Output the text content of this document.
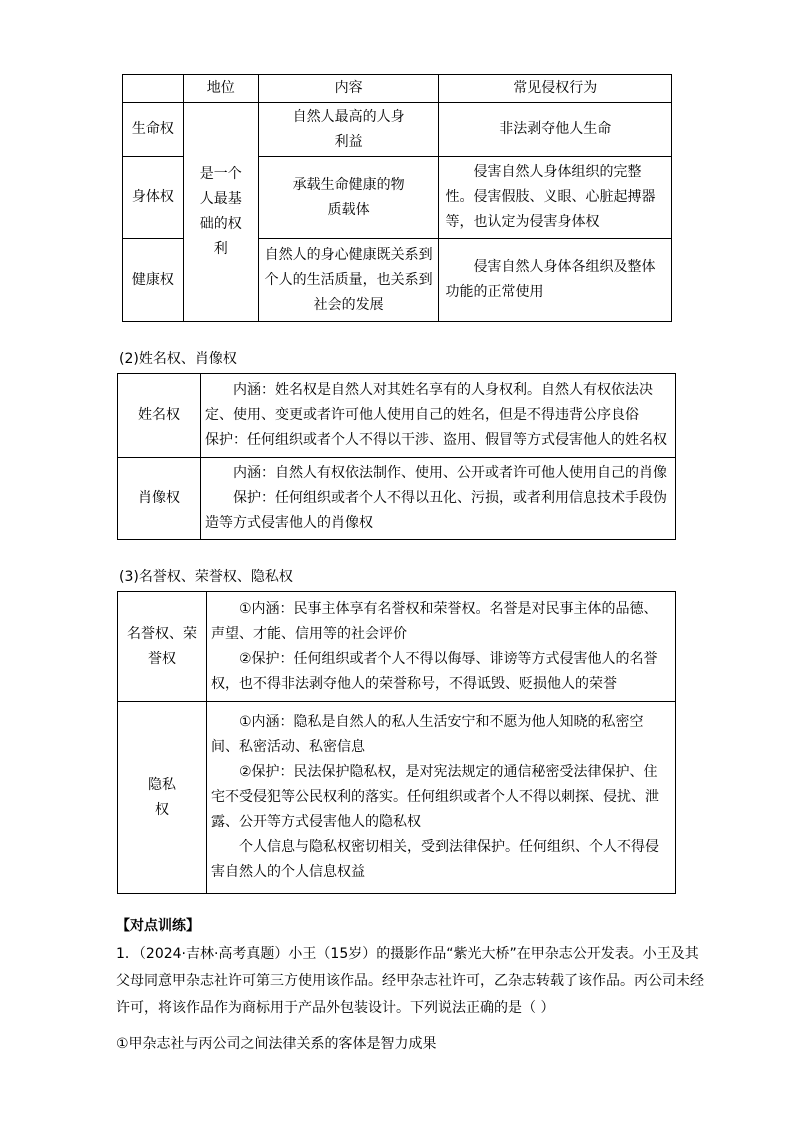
	地位	内容	常见侵权行为
生命权	是一个人最基础的权利	自然人最高的人身利益	非法剥夺他人生命
身体权		承载生命健康的物质载体	侵害自然人身体组织的完整性。侵害假肢、义眼、心脏起搏器等，也认定为侵害身体权
健康权		自然人的身心健康既关系到个人的生活质量，也关系到社会的发展	侵害自然人身体各组织及整体功能的正常使用

(2)姓名权、肖像权

姓名权	内涵：姓名权是自然人对其姓名享有的人身权利。自然人有权依法决定、使用、变更或者许可他人使用自己的姓名，但是不得违背公序良俗
保护：任何组织或者个人不得以干涉、盗用、假冒等方式侵害他人的姓名权

肖像权	内涵：自然人有权依法制作、使用、公开或者许可他人使用自己的肖像
保护：任何组织或者个人不得以丑化、污损，或者利用信息技术手段伪造等方式侵害他人的肖像权

(3)名誉权、荣誉权、隐私权

名誉权、荣誉权	①内涵：民事主体享有名誉权和荣誉权。名誉是对民事主体的品德、声望、才能、信用等的社会评价
②保护：任何组织或者个人不得以侮辱、诽谤等方式侵害他人的名誉权，也不得非法剥夺他人的荣誉称号，不得诋毁、贬损他人的荣誉

隐私权	①内涵：隐私是自然人的私人生活安宁和不愿为他人知晓的私密空间、私密活动、私密信息
②保护：民法保护隐私权，是对宪法规定的通信秘密受法律保护、住宅不受侵犯等公民权利的落实。任何组织或者个人不得以刺探、侵扰、泄露、公开等方式侵害他人的隐私权
个人信息与隐私权密切相关，受到法律保护。任何组织、个人不得侵害自然人的个人信息权益

【对点训练】

1．（2024·吉林·高考真题）小王（15岁）的摄影作品“紫光大桥”在甲杂志公开发表。小王及其父母同意甲杂志社许可第三方使用该作品。经甲杂志社许可，乙杂志转载了该作品。丙公司未经许可，将该作品作为商标用于产品外包装设计。下列说法正确的是（ ）

①甲杂志社与丙公司之间法律关系的客体是智力成果
